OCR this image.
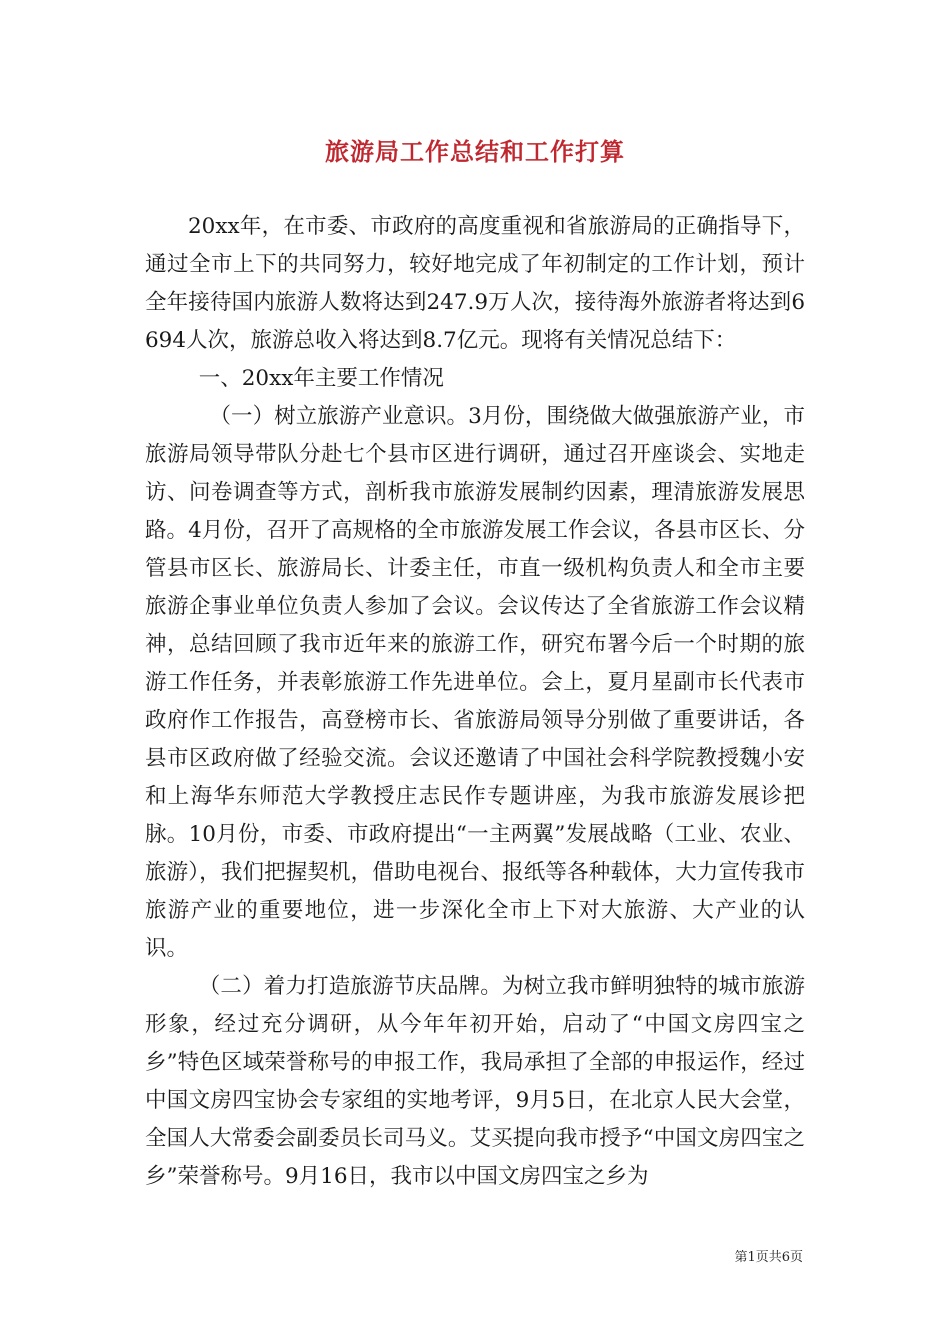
旅游局工作总结和工作打算

20xx年，在市委、市政府的高度重视和省旅游局的正确指导下，通过全市上下的共同努力，较好地完成了年初制定的工作计划，预计全年接待国内旅游人数将达到247.9万人次，接待海外旅游者将达到6694人次，旅游总收入将达到8.7亿元。现将有关情况总结下：

一、20xx年主要工作情况

（一）树立旅游产业意识。3月份，围绕做大做强旅游产业，市旅游局领导带队分赴七个县市区进行调研，通过召开座谈会、实地走访、问卷调查等方式，剖析我市旅游发展制约因素，理清旅游发展思路。4月份，召开了高规格的全市旅游发展工作会议，各县市区长、分管县市区长、旅游局长、计委主任，市直一级机构负责人和全市主要旅游企事业单位负责人参加了会议。会议传达了全省旅游工作会议精神，总结回顾了我市近年来的旅游工作，研究布署今后一个时期的旅游工作任务，并表彰旅游工作先进单位。会上，夏月星副市长代表市政府作工作报告，高登榜市长、省旅游局领导分别做了重要讲话，各县市区政府做了经验交流。会议还邀请了中国社会科学院教授魏小安和上海华东师范大学教授庄志民作专题讲座，为我市旅游发展诊把脉。10月份，市委、市政府提出“一主两翼”发展战略（工业、农业、旅游），我们把握契机，借助电视台、报纸等各种载体，大力宣传我市旅游产业的重要地位，进一步深化全市上下对大旅游、大产业的认识。

（二）着力打造旅游节庆品牌。为树立我市鲜明独特的城市旅游形象，经过充分调研，从今年年初开始，启动了“中国文房四宝之乡”特色区域荣誉称号的申报工作，我局承担了全部的申报运作，经过中国文房四宝协会专家组的实地考评，9月5日，在北京人民大会堂，全国人大常委会副委员长司马义。艾买提向我市授予“中国文房四宝之乡”荣誉称号。9月16日，我市以中国文房四宝之乡为

第1页共6页
